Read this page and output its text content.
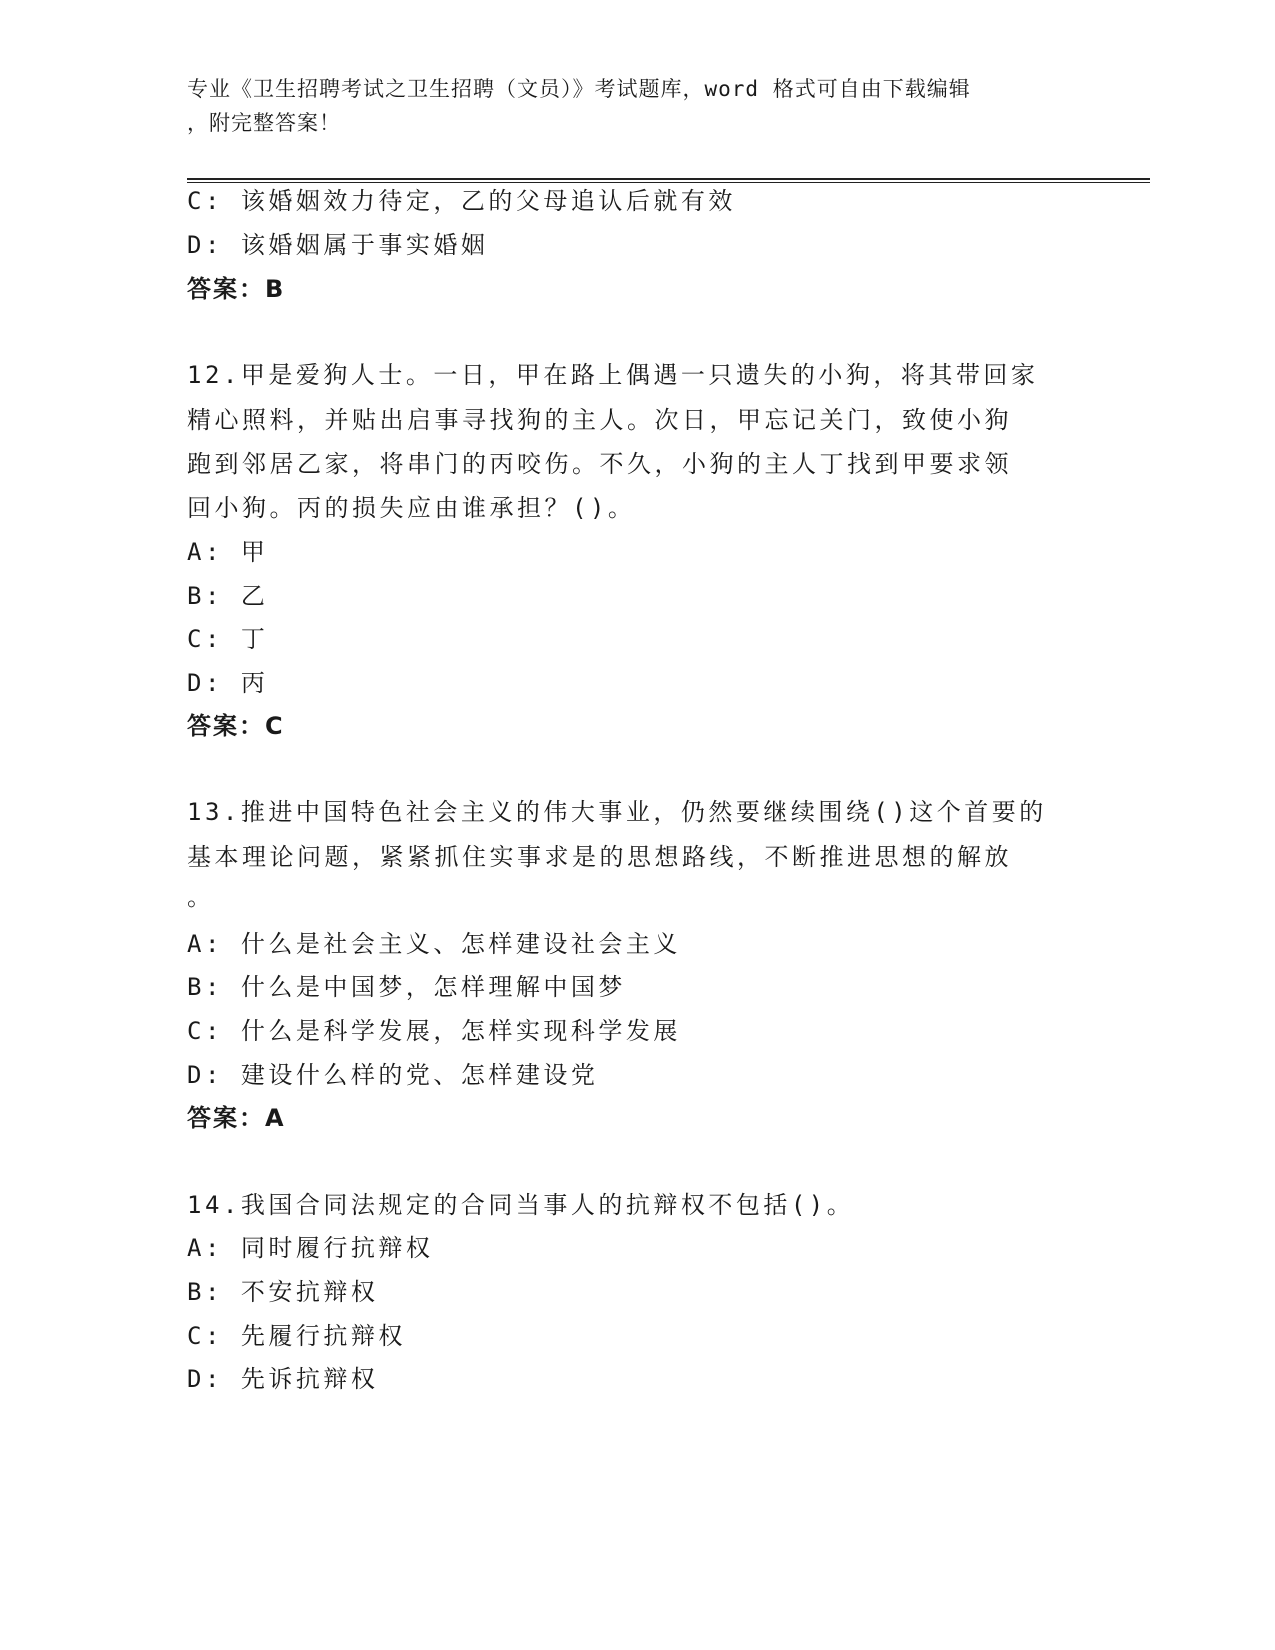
专业《卫生招聘考试之卫生招聘（文员）》考试题库，word 格式可自由下载编辑
，附完整答案！
C: 该婚姻效力待定，乙的父母追认后就有效
D: 该婚姻属于事实婚姻
答案：B
12.甲是爱狗人士。一日，甲在路上偶遇一只遗失的小狗，将其带回家
精心照料，并贴出启事寻找狗的主人。次日，甲忘记关门，致使小狗
跑到邻居乙家，将串门的丙咬伤。不久，小狗的主人丁找到甲要求领
回小狗。丙的损失应由谁承担？()。
A: 甲
B: 乙
C: 丁
D: 丙
答案：C
13.推进中国特色社会主义的伟大事业，仍然要继续围绕()这个首要的
基本理论问题，紧紧抓住实事求是的思想路线，不断推进思想的解放
。
A: 什么是社会主义、怎样建设社会主义
B: 什么是中国梦，怎样理解中国梦
C: 什么是科学发展，怎样实现科学发展
D: 建设什么样的党、怎样建设党
答案：A
14.我国合同法规定的合同当事人的抗辩权不包括()。
A: 同时履行抗辩权
B: 不安抗辩权
C: 先履行抗辩权
D: 先诉抗辩权
